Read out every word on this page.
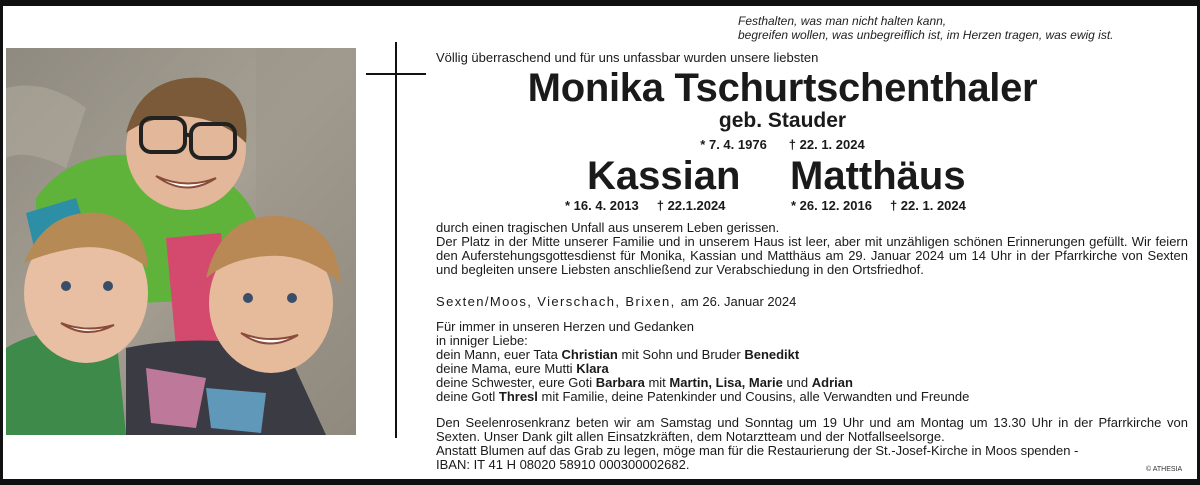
Festhalten, was man nicht halten kann,
begreifen wollen, was unbegreiflich ist, im Herzen tragen, was ewig ist.
Völlig überraschend und für uns unfassbar wurden unsere liebsten
Monika Tschurtschenthaler
geb. Stauder
* 7. 4. 1976 † 22. 1. 2024
Kassian Matthäus
* 16. 4. 2013 † 22.1.2024	* 26. 12. 2016 † 22. 1. 2024
durch einen tragischen Unfall aus unserem Leben gerissen.
Der Platz in der Mitte unserer Familie und in unserem Haus ist leer, aber mit unzähligen schönen Erinnerungen gefüllt. Wir feiern den Auferstehungsgottesdienst für Monika, Kassian und Matthäus am 29. Januar 2024 um 14 Uhr in der Pfarrkirche von Sexten und begleiten unsere Liebsten anschließend zur Verabschiedung in den Ortsfriedhof.
Sexten/Moos, Vierschach, Brixen, am 26. Januar 2024
Für immer in unseren Herzen und Gedanken
in inniger Liebe:
dein Mann, euer Tata Christian mit Sohn und Bruder Benedikt
deine Mama, eure Mutti Klara
deine Schwester, eure Goti Barbara mit Martin, Lisa, Marie und Adrian
deine Gotl Thresl mit Familie, deine Patenkinder und Cousins, alle Verwandten und Freunde
Den Seelenrosenkranz beten wir am Samstag und Sonntag um 19 Uhr und am Montag um 13.30 Uhr in der Pfarrkirche von Sexten. Unser Dank gilt allen Einsatzkräften, dem Notarztteam und der Notfallseelsorge.
Anstatt Blumen auf das Grab zu legen, möge man für die Restaurierung der St.-Josef-Kirche in Moos spenden -
IBAN: IT 41 H 08020 58910 000300002682.	© ATHESIA
